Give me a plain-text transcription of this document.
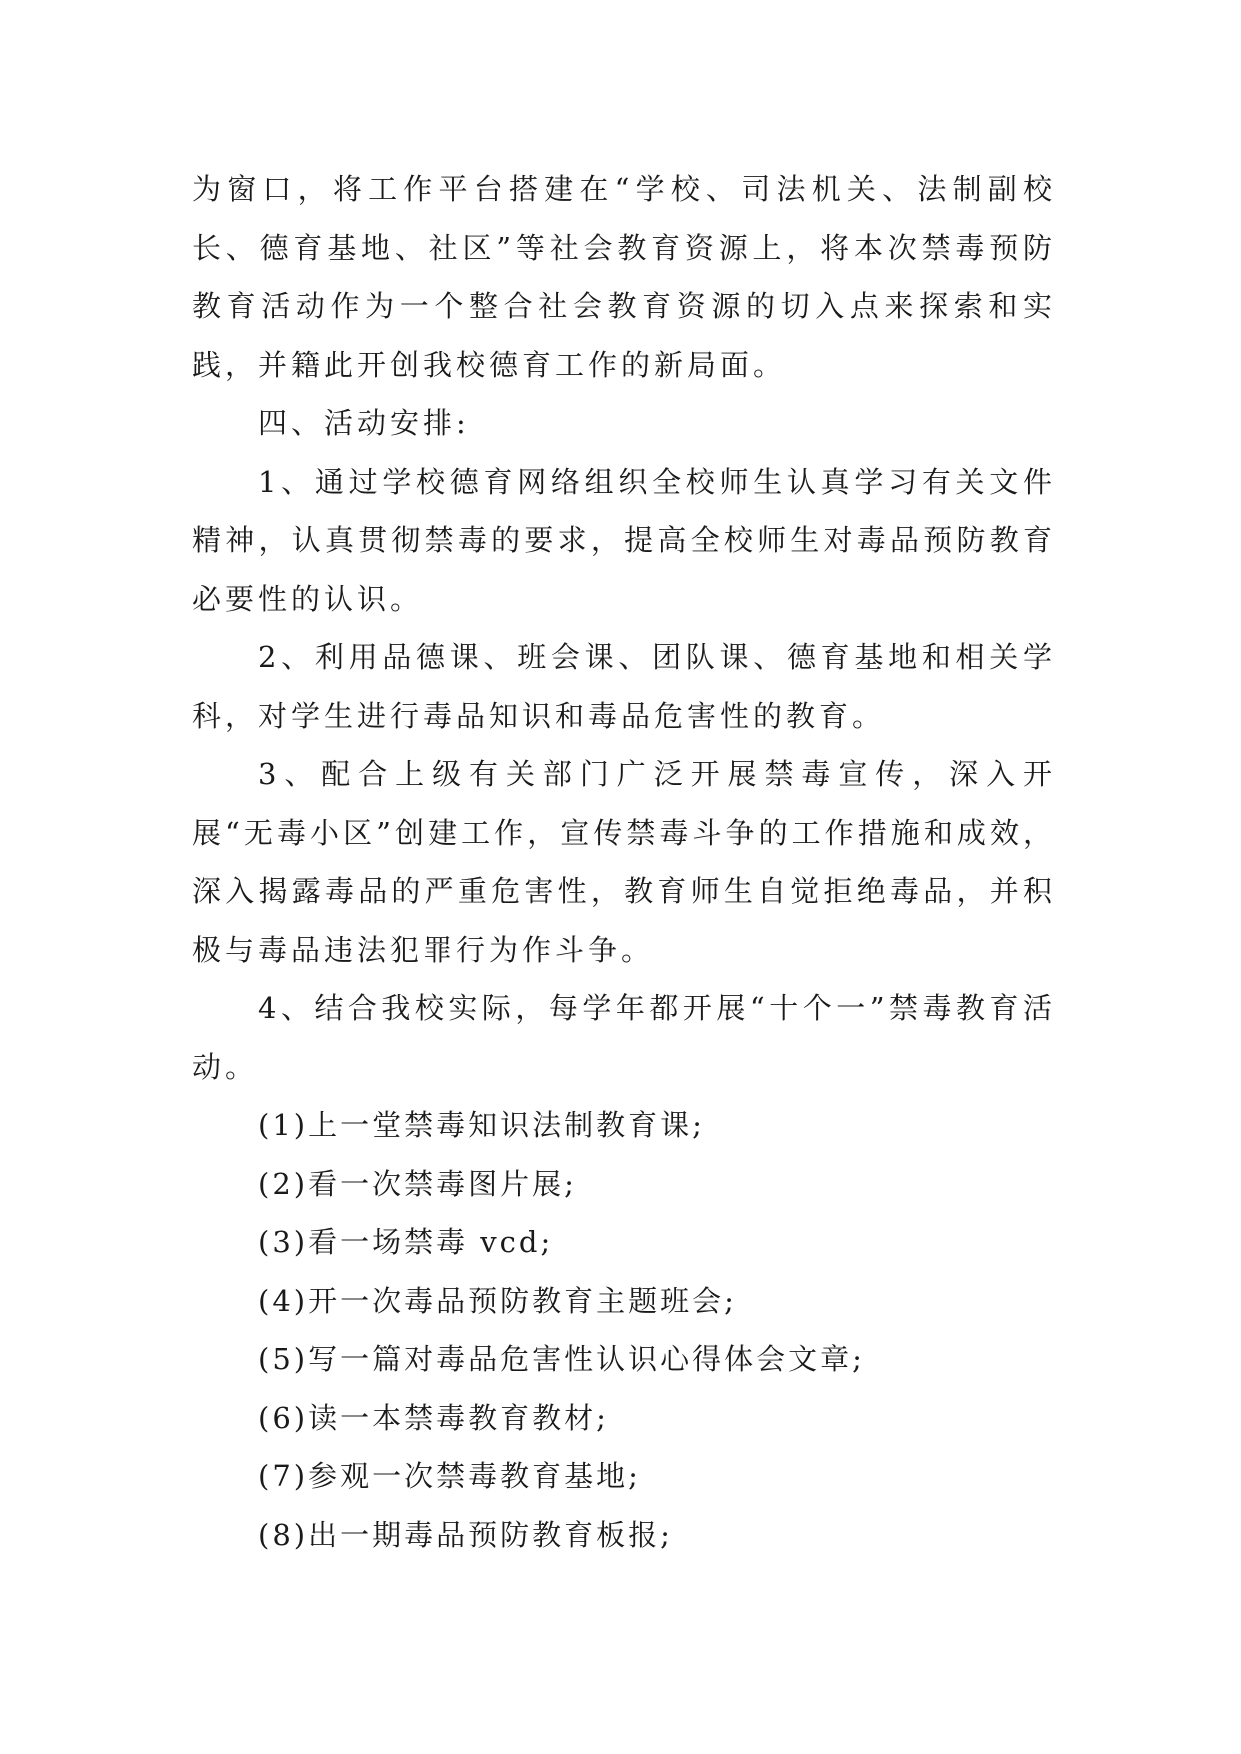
为窗口，将工作平台搭建在“学校、司法机关、法制副校长、德育基地、社区”等社会教育资源上，将本次禁毒预防教育活动作为一个整合社会教育资源的切入点来探索和实践，并籍此开创我校德育工作的新局面。

四、活动安排:

1、通过学校德育网络组织全校师生认真学习有关文件精神，认真贯彻禁毒的要求，提高全校师生对毒品预防教育必要性的认识。

2、利用品德课、班会课、团队课、德育基地和相关学科，对学生进行毒品知识和毒品危害性的教育。

3、配合上级有关部门广泛开展禁毒宣传，深入开展“无毒小区”创建工作，宣传禁毒斗争的工作措施和成效，深入揭露毒品的严重危害性，教育师生自觉拒绝毒品，并积极与毒品违法犯罪行为作斗争。

4、结合我校实际，每学年都开展“十个一”禁毒教育活动。

(1)上一堂禁毒知识法制教育课;

(2)看一次禁毒图片展;

(3)看一场禁毒 vcd;

(4)开一次毒品预防教育主题班会;

(5)写一篇对毒品危害性认识心得体会文章;

(6)读一本禁毒教育教材;

(7)参观一次禁毒教育基地;

(8)出一期毒品预防教育板报;
